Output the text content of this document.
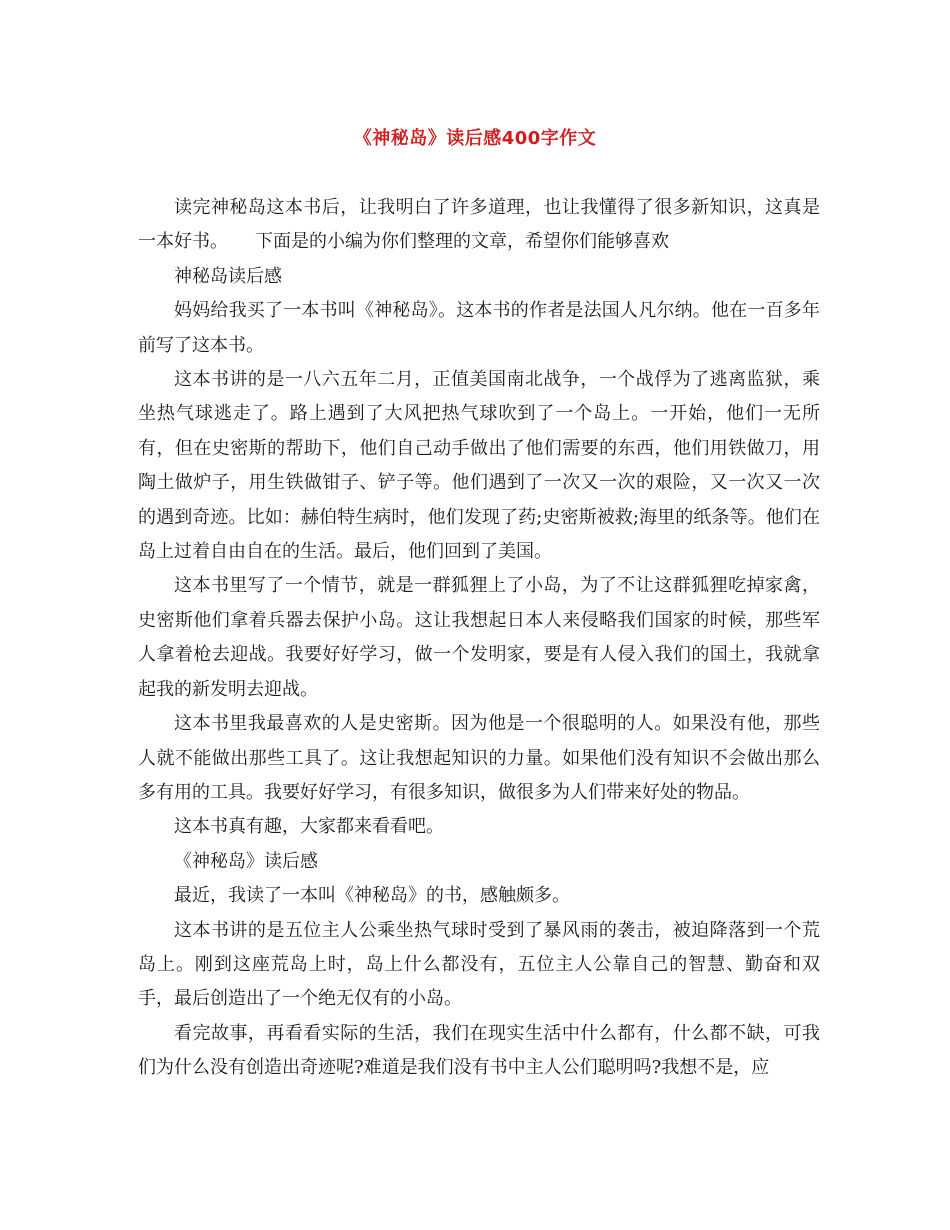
《神秘岛》读后感400字作文

读完神秘岛这本书后，让我明白了许多道理，也让我懂得了很多新知识，这真是一本好书。　　下面是的小编为你们整理的文章，希望你们能够喜欢

神秘岛读后感

妈妈给我买了一本书叫《神秘岛》。这本书的作者是法国人凡尔纳。他在一百多年前写了这本书。

这本书讲的是一八六五年二月，正值美国南北战争，一个战俘为了逃离监狱，乘坐热气球逃走了。路上遇到了大风把热气球吹到了一个岛上。一开始，他们一无所有，但在史密斯的帮助下，他们自己动手做出了他们需要的东西，他们用铁做刀，用陶土做炉子，用生铁做钳子、铲子等。他们遇到了一次又一次的艰险，又一次又一次的遇到奇迹。比如：赫伯特生病时，他们发现了药;史密斯被救;海里的纸条等。他们在岛上过着自由自在的生活。最后，他们回到了美国。

这本书里写了一个情节，就是一群狐狸上了小岛，为了不让这群狐狸吃掉家禽，史密斯他们拿着兵器去保护小岛。这让我想起日本人来侵略我们国家的时候，那些军人拿着枪去迎战。我要好好学习，做一个发明家，要是有人侵入我们的国土，我就拿起我的新发明去迎战。

这本书里我最喜欢的人是史密斯。因为他是一个很聪明的人。如果没有他，那些人就不能做出那些工具了。这让我想起知识的力量。如果他们没有知识不会做出那么多有用的工具。我要好好学习，有很多知识，做很多为人们带来好处的物品。

这本书真有趣，大家都来看看吧。

《神秘岛》读后感

最近，我读了一本叫《神秘岛》的书，感触颇多。

这本书讲的是五位主人公乘坐热气球时受到了暴风雨的袭击，被迫降落到一个荒岛上。刚到这座荒岛上时，岛上什么都没有，五位主人公靠自己的智慧、勤奋和双手，最后创造出了一个绝无仅有的小岛。

看完故事，再看看实际的生活，我们在现实生活中什么都有，什么都不缺，可我们为什么没有创造出奇迹呢?难道是我们没有书中主人公们聪明吗?我想不是，应
